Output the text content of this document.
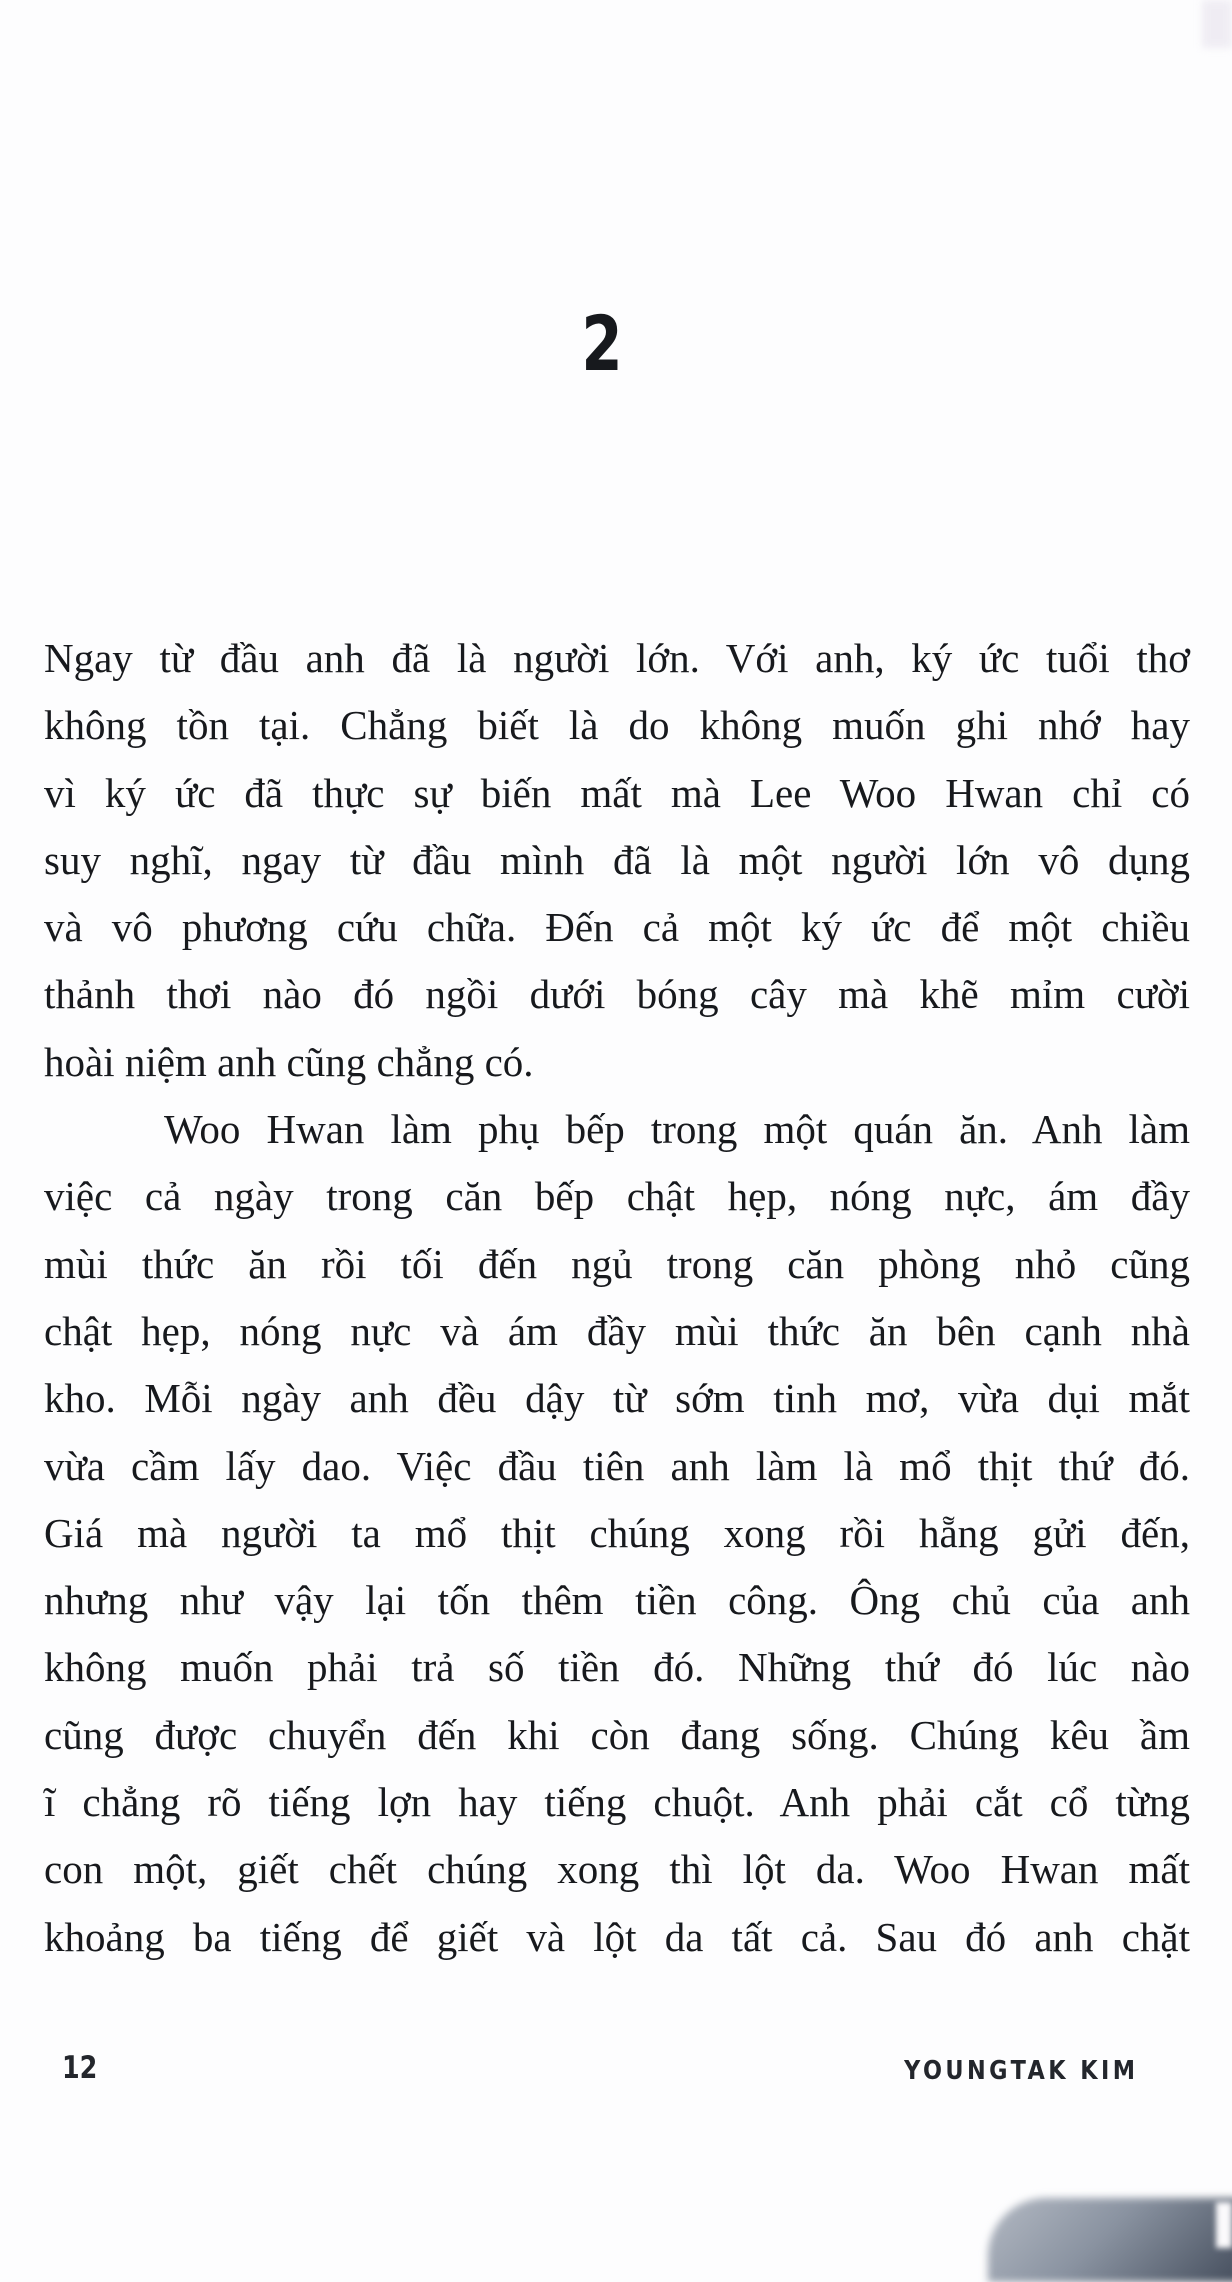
2
Ngay từ đầu anh đã là người lớn. Với anh, ký ức tuổi thơ
không tồn tại. Chẳng biết là do không muốn ghi nhớ hay
vì ký ức đã thực sự biến mất mà Lee Woo Hwan chỉ có
suy nghĩ, ngay từ đầu mình đã là một người lớn vô dụng
và vô phương cứu chữa. Đến cả một ký ức để một chiều
thảnh thơi nào đó ngồi dưới bóng cây mà khẽ mỉm cười
hoài niệm anh cũng chẳng có.
Woo Hwan làm phụ bếp trong một quán ăn. Anh làm
việc cả ngày trong căn bếp chật hẹp, nóng nực, ám đầy
mùi thức ăn rồi tối đến ngủ trong căn phòng nhỏ cũng
chật hẹp, nóng nực và ám đầy mùi thức ăn bên cạnh nhà
kho. Mỗi ngày anh đều dậy từ sớm tinh mơ, vừa dụi mắt
vừa cầm lấy dao. Việc đầu tiên anh làm là mổ thịt thứ đó.
Giá mà người ta mổ thịt chúng xong rồi hẵng gửi đến,
nhưng như vậy lại tốn thêm tiền công. Ông chủ của anh
không muốn phải trả số tiền đó. Những thứ đó lúc nào
cũng được chuyển đến khi còn đang sống. Chúng kêu ầm
ĩ chẳng rõ tiếng lợn hay tiếng chuột. Anh phải cắt cổ từng
con một, giết chết chúng xong thì lột da. Woo Hwan mất
khoảng ba tiếng để giết và lột da tất cả. Sau đó anh chặt
12	YOUNGTAK KIM
